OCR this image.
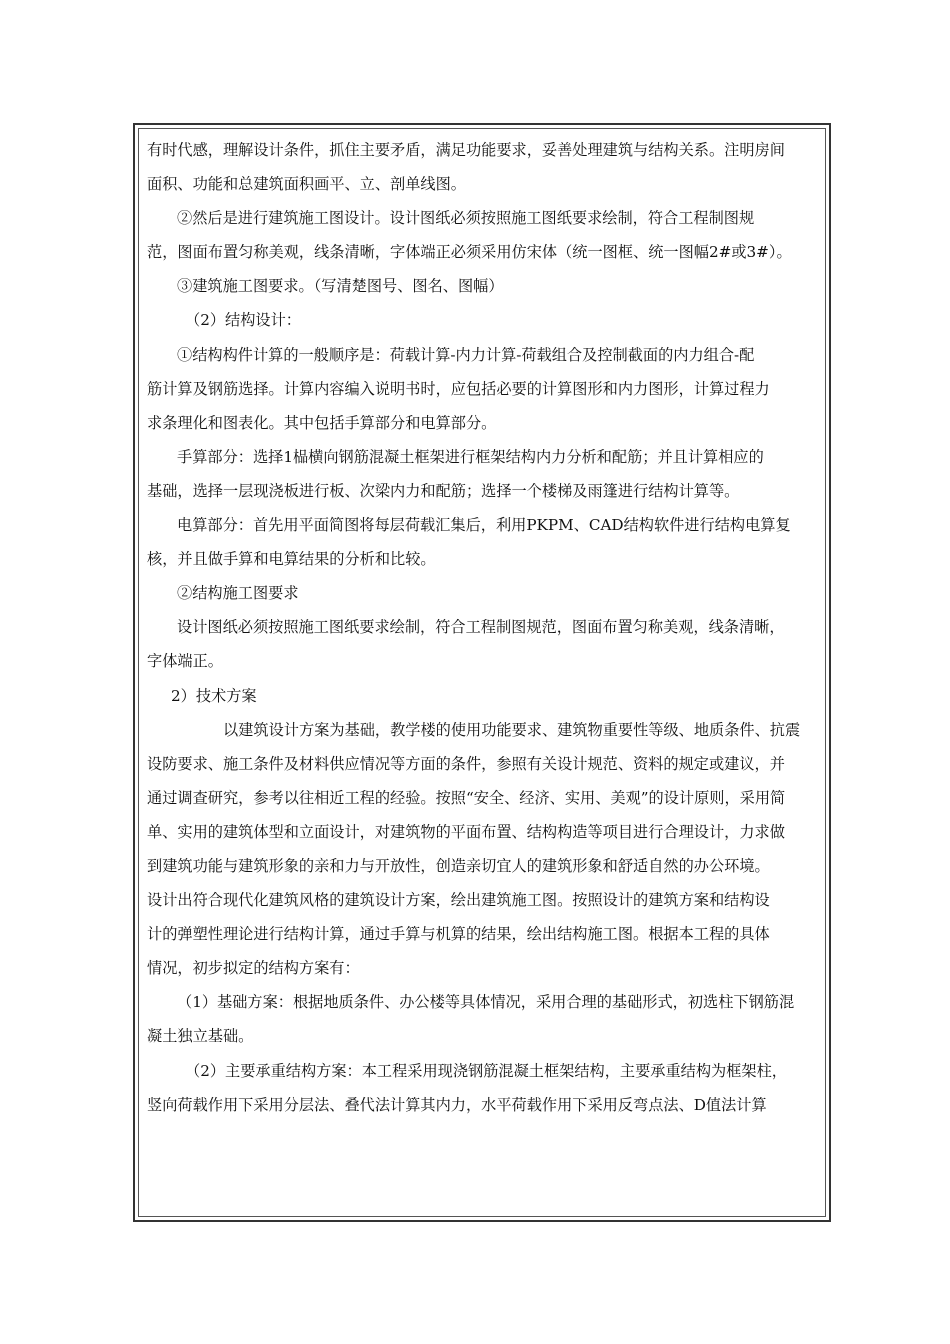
有时代感，理解设计条件，抓住主要矛盾，满足功能要求，妥善处理建筑与结构关系。注明房间
面积、功能和总建筑面积画平、立、剖单线图。
②然后是进行建筑施工图设计。设计图纸必须按照施工图纸要求绘制，符合工程制图规
范，图面布置匀称美观，线条清晰，字体端正必须采用仿宋体（统一图框、统一图幅2#或3#）。
③建筑施工图要求。（写清楚图号、图名、图幅）
（2）结构设计：
①结构构件计算的一般顺序是：荷载计算-内力计算-荷载组合及控制截面的内力组合-配
筋计算及钢筋选择。计算内容编入说明书时，应包括必要的计算图形和内力图形，计算过程力
求条理化和图表化。其中包括手算部分和电算部分。
手算部分：选择1榀横向钢筋混凝土框架进行框架结构内力分析和配筋；并且计算相应的
基础，选择一层现浇板进行板、次梁内力和配筋；选择一个楼梯及雨篷进行结构计算等。
电算部分：首先用平面简图将每层荷载汇集后，利用PKPM、CAD结构软件进行结构电算复
核，并且做手算和电算结果的分析和比较。
②结构施工图要求
设计图纸必须按照施工图纸要求绘制，符合工程制图规范，图面布置匀称美观，线条清晰，
字体端正。
2）技术方案
以建筑设计方案为基础，教学楼的使用功能要求、建筑物重要性等级、地质条件、抗震
设防要求、施工条件及材料供应情况等方面的条件，参照有关设计规范、资料的规定或建议，并
通过调查研究，参考以往相近工程的经验。按照“安全、经济、实用、美观”的设计原则，采用简
单、实用的建筑体型和立面设计，对建筑物的平面布置、结构构造等项目进行合理设计，力求做
到建筑功能与建筑形象的亲和力与开放性，创造亲切宜人的建筑形象和舒适自然的办公环境。
设计出符合现代化建筑风格的建筑设计方案，绘出建筑施工图。按照设计的建筑方案和结构设
计的弹塑性理论进行结构计算，通过手算与机算的结果，绘出结构施工图。根据本工程的具体
情况，初步拟定的结构方案有：
（1）基础方案：根据地质条件、办公楼等具体情况，采用合理的基础形式，初选柱下钢筋混
凝土独立基础。
（2）主要承重结构方案：本工程采用现浇钢筋混凝土框架结构，主要承重结构为框架柱，
竖向荷载作用下采用分层法、叠代法计算其内力，水平荷载作用下采用反弯点法、D值法计算
